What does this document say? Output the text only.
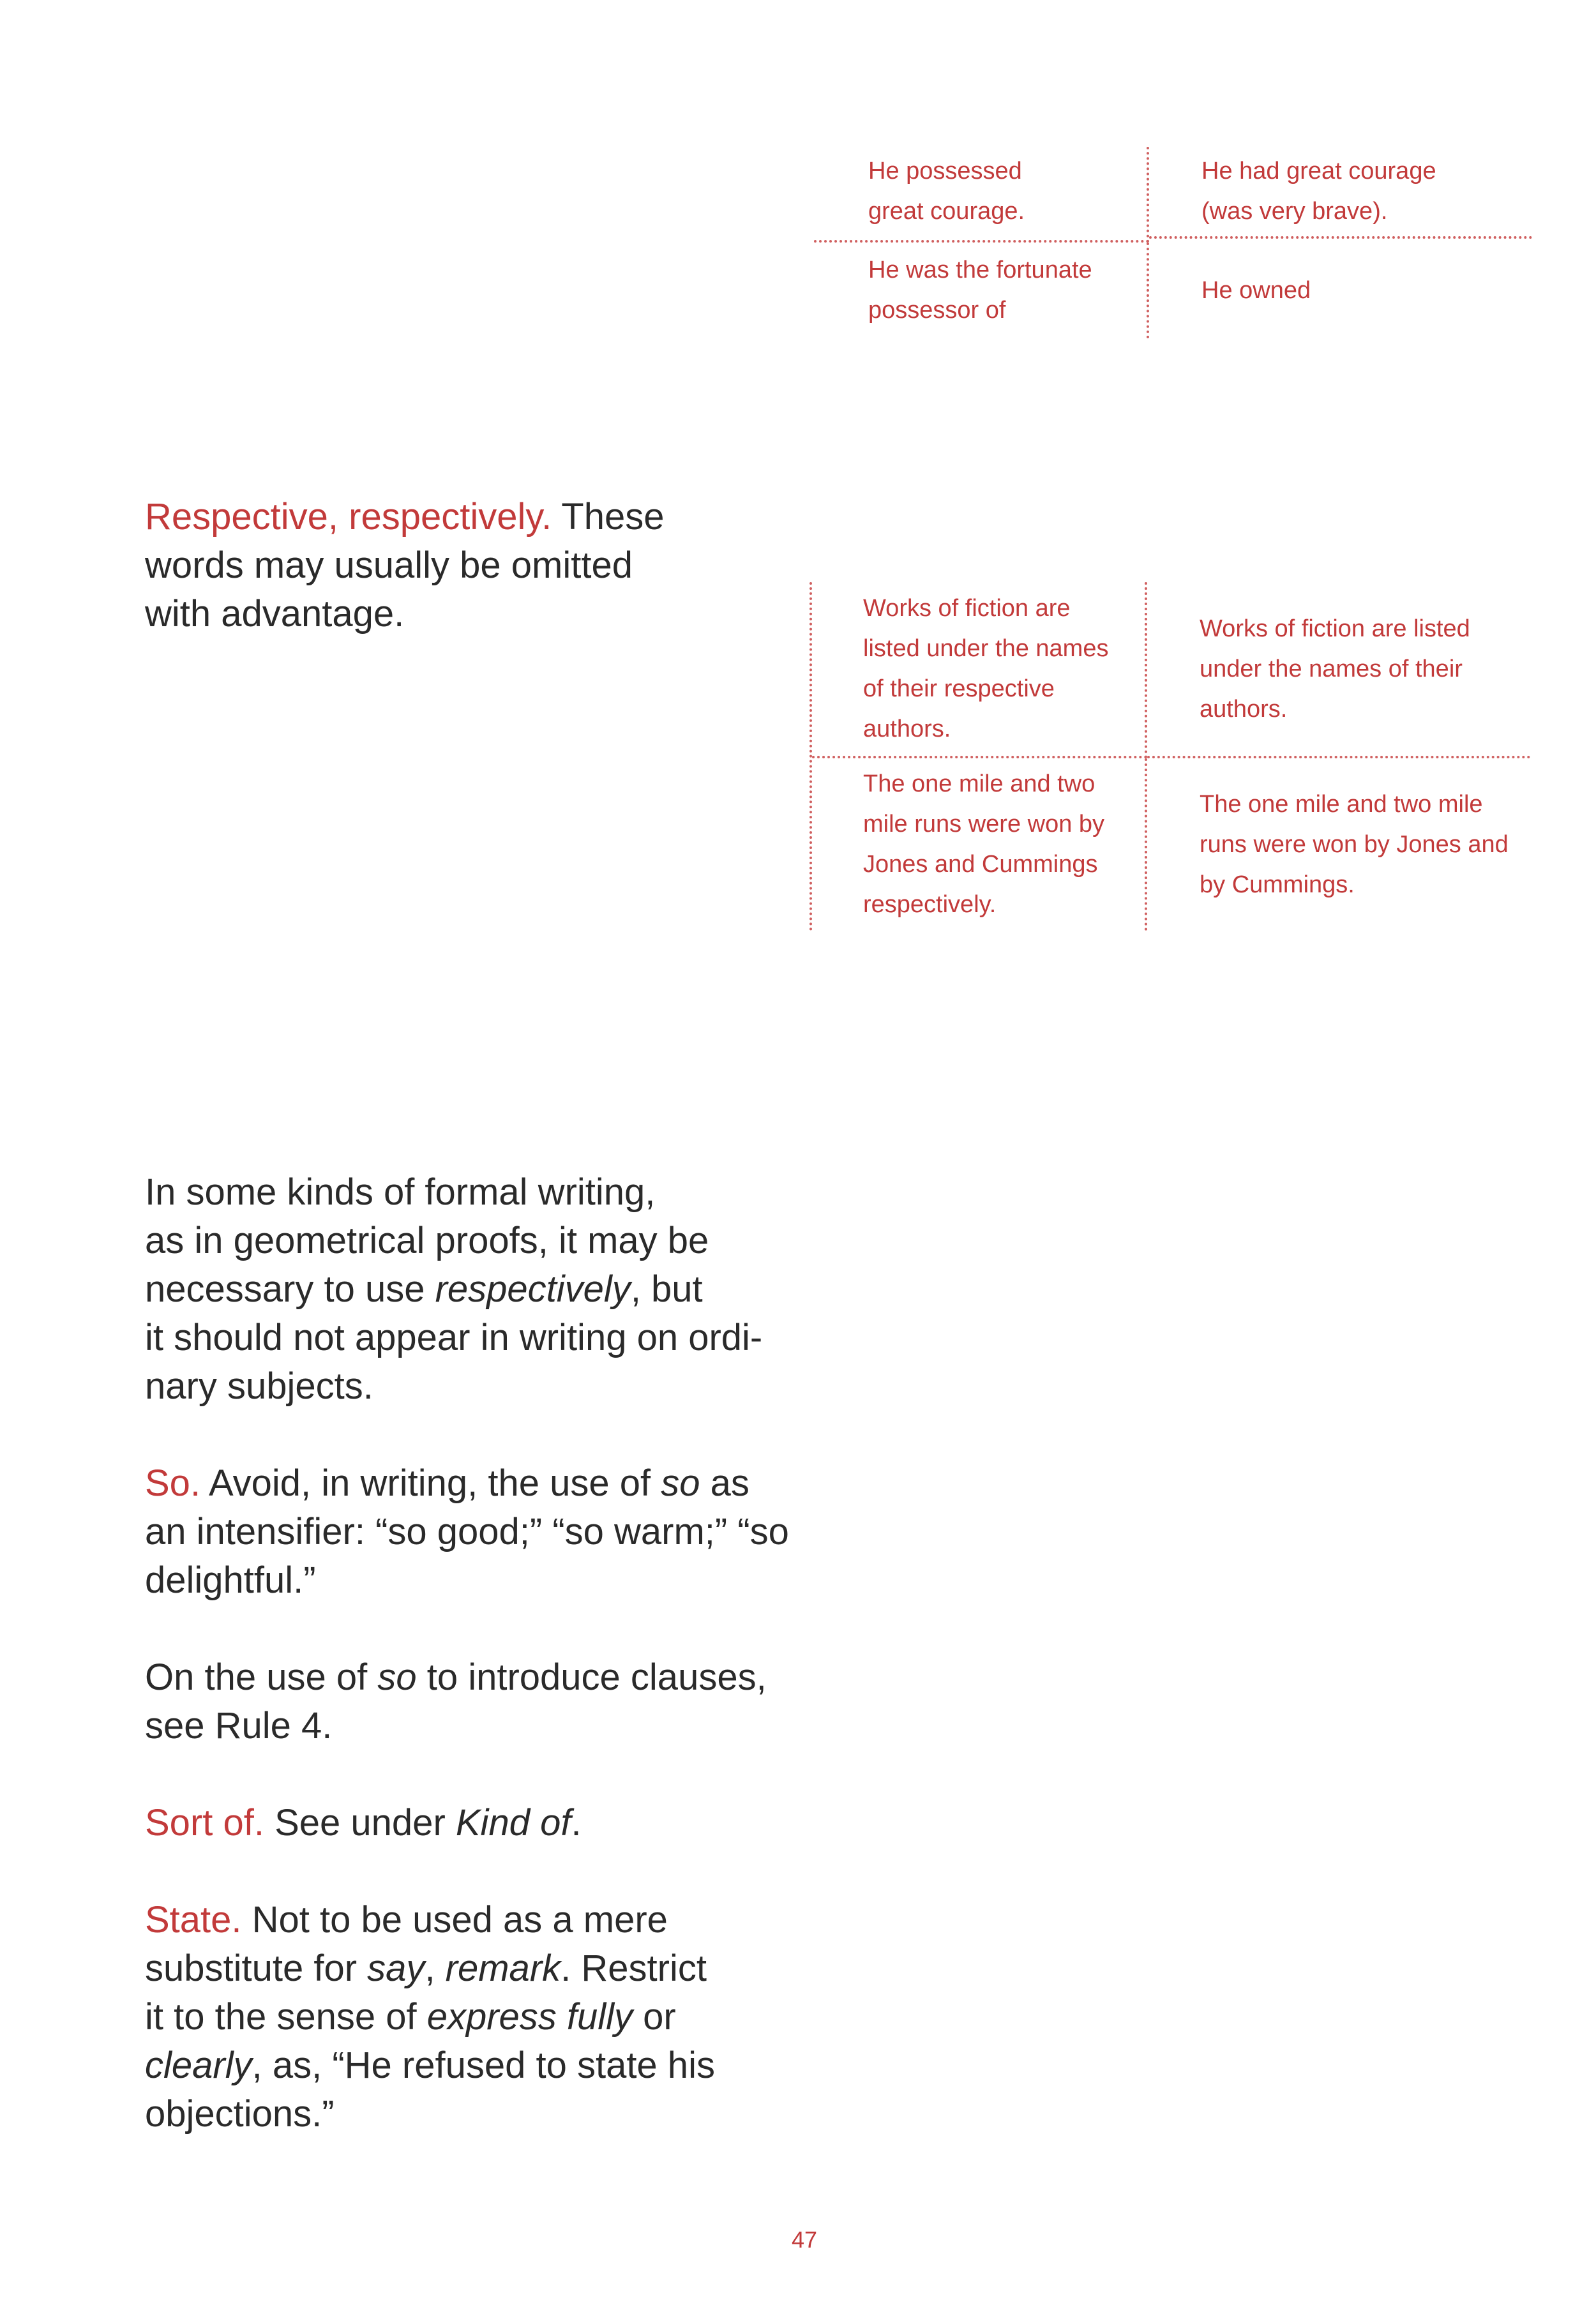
He possessed
great courage.
He had great courage
(was very brave).
He was the fortunate
possessor of
He owned

Respective, respectively. These
words may usually be omitted
with advantage.	Works of fiction are
listed under the names
of their respective
authors.
Works of fiction are listed
under the names of their
authors.
The one mile and two
mile runs were won by
Jones and Cummings
respectively.
The one mile and two mile
runs were won by Jones and
by Cummings.

In some kinds of formal writing,
as in geometrical proofs, it may be
necessary to use respectively, but
it should not appear in writing on ordi-
nary subjects.

So. Avoid, in writing, the use of so as
an intensifier: “so good;” “so warm;” “so
delightful.”

On the use of so to introduce clauses,
see Rule 4.

Sort of. See under Kind of.

State. Not to be used as a mere
substitute for say, remark. Restrict
it to the sense of express fully or
clearly, as, “He refused to state his
objections.”

47
